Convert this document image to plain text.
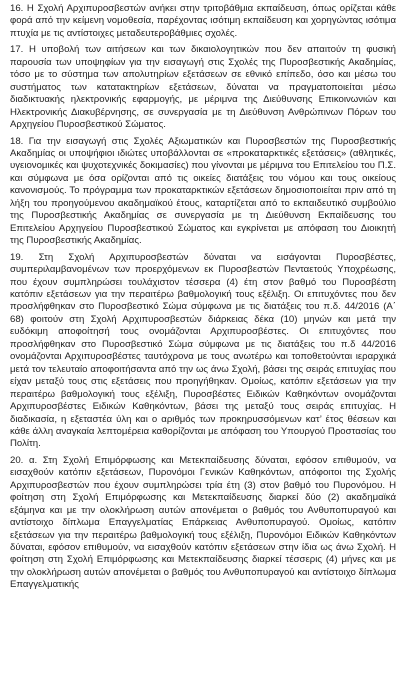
16. Η Σχολή Αρχιπυροσβεστών ανήκει στην τριτοβάθμια εκπαίδευση, όπως ορίζεται κάθε φορά από την κείμενη νομοθεσία, παρέχοντας ισότιμη εκπαίδευση και χορηγώντας ισότιμα πτυχία με τις αντίστοιχες μεταδευτεροβάθμιες σχολές.

17. Η υποβολή των αιτήσεων και των δικαιολογητικών που δεν απαιτούν τη φυσική παρουσία των υποψηφίων για την εισαγωγή στις Σχολές της Πυροσβεστικής Ακαδημίας, τόσο με το σύστημα των απολυτηρίων εξετάσεων σε εθνικό επίπεδο, όσο και μέσω του συστήματος των κατατακτηρίων εξετάσεων, δύναται να πραγματοποιείται μέσω διαδικτυακής ηλεκτρονικής εφαρμογής, με μέριμνα της Διεύθυνσης Επικοινωνιών και Ηλεκτρονικής Διακυβέρνησης, σε συνεργασία με τη Διεύθυνση Ανθρώπινων Πόρων του Αρχηγείου Πυροσβεστικού Σώματος.

18. Για την εισαγωγή στις Σχολές Αξιωματικών και Πυροσβεστών της Πυροσβεστικής Ακαδημίας οι υποψήφιοι ιδιώτες υποβάλλονται σε «προκαταρκτικές εξετάσεις» (αθλητικές, υγειονομικές και ψυχοτεχνικές δοκιμασίες) που γίνονται με μέριμνα του Επιτελείου του Π.Σ. και σύμφωνα με όσα ορίζονται από τις οικείες διατάξεις του νόμου και τους οικείους κανονισμούς. Το πρόγραμμα των προκαταρκτικών εξετάσεων δημοσιοποιείται πριν από τη λήξη του προηγούμενου ακαδημαϊκού έτους, καταρτίζεται από το εκπαιδευτικό συμβούλιο της Πυροσβεστικής Ακαδημίας σε συνεργασία με τη Διεύθυνση Εκπαίδευσης του Επιτελείου Αρχηγείου Πυροσβεστικού Σώματος και εγκρίνεται με απόφαση του Διοικητή της Πυροσβεστικής Ακαδημίας.

19. Στη Σχολή Αρχιπυροσβεστών δύναται να εισάγονται Πυροσβέστες, συμπεριλαμβανομένων των προερχόμενων εκ Πυροσβεστών Πενταετούς Υποχρέωσης, που έχουν συμπληρώσει τουλάχιστον τέσσερα (4) έτη στον βαθμό του Πυροσβέστη κατόπιν εξετάσεων για την περαιτέρω βαθμολογική τους εξέλιξη. Οι επιτυχόντες που δεν προσλήφθηκαν στο Πυροσβεστικό Σώμα σύμφωνα με τις διατάξεις του π.δ. 44/2016 (Α΄ 68) φοιτούν στη Σχολή Αρχιπυροσβεστών διάρκειας δέκα (10) μηνών και μετά την ευδόκιμη αποφοίτησή τους ονομάζονται Αρχιπυροσβέστες. Οι επιτυχόντες που προσλήφθηκαν στο Πυροσβεστικό Σώμα σύμφωνα με τις διατάξεις του π.δ 44/2016 ονομάζονται Αρχιπυροσβέστες ταυτόχρονα με τους ανωτέρω και τοποθετούνται ιεραρχικά μετά τον τελευταίο αποφοιτήσαντα από την ως άνω Σχολή, βάσει της σειράς επιτυχίας που είχαν μεταξύ τους στις εξετάσεις που προηγήθηκαν. Ομοίως, κατόπιν εξετάσεων για την περαιτέρω βαθμολογική τους εξέλιξη, Πυροσβέστες Ειδικών Καθηκόντων ονομάζονται Αρχιπυροσβέστες Ειδικών Καθηκόντων, βάσει της μεταξύ τους σειράς επιτυχίας. Η διαδικασία, η εξεταστέα ύλη και ο αριθμός των προκηρυσσόμενων κατ’ έτος θέσεων και κάθε άλλη αναγκαία λεπτομέρεια καθορίζονται με απόφαση του Υπουργού Προστασίας του Πολίτη.

20. α. Στη Σχολή Επιμόρφωσης και Μετεκπαίδευσης δύναται, εφόσον επιθυμούν, να εισαχθούν κατόπιν εξετάσεων, Πυρονόμοι Γενικών Καθηκόντων, απόφοιτοι της Σχολής Αρχιπυροσβεστών που έχουν συμπληρώσει τρία έτη (3) στον βαθμό του Πυρονόμου. Η φοίτηση στη Σχολή Επιμόρφωσης και Μετεκπαίδευσης διαρκεί δύο (2) ακαδημαϊκά εξάμηνα και με την ολοκλήρωση αυτών απονέμεται ο βαθμός του Ανθυποπυραγού και αντίστοιχο δίπλωμα Επαγγελματίας Επάρκειας Ανθυποπυραγού. Ομοίως, κατόπιν εξετάσεων για την περαιτέρω βαθμολογική τους εξέλιξη, Πυρονόμοι Ειδικών Καθηκόντων δύναται, εφόσον επιθυμούν, να εισαχθούν κατόπιν εξετάσεων στην ίδια ως άνω Σχολή. Η φοίτηση στη Σχολή Επιμόρφωσης και Μετεκπαίδευσης διαρκεί τέσσερις (4) μήνες και με την ολοκλήρωση αυτών απονέμεται ο βαθμός του Ανθυποπυραγού και αντίστοιχο δίπλωμα Επαγγελματικής
